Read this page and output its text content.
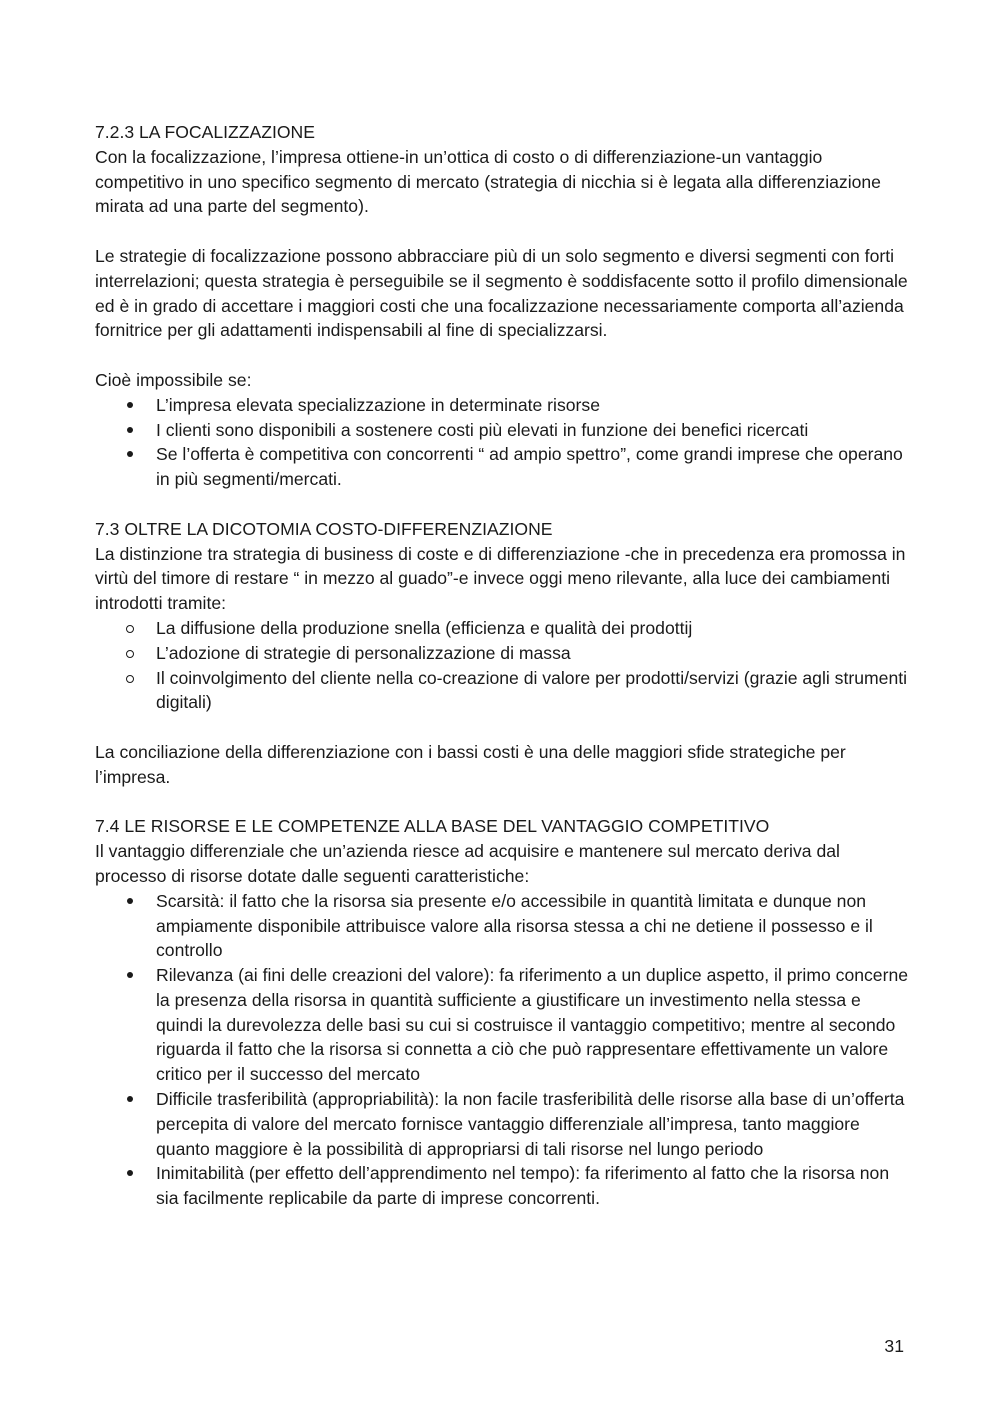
7.2.3 LA FOCALIZZAZIONE

Con la focalizzazione, l’impresa ottiene-in un’ottica di costo o di differenziazione-un vantaggio competitivo in uno specifico segmento di mercato (strategia di nicchia si è legata alla differenziazione mirata ad una parte del segmento).

Le strategie di focalizzazione possono abbracciare più di un solo segmento e diversi segmenti con forti interrelazioni; questa strategia è perseguibile se il segmento è soddisfacente sotto il profilo dimensionale ed è in grado di accettare i maggiori costi che una focalizzazione necessariamente comporta all’azienda fornitrice per gli adattamenti indispensabili al fine di specializzarsi.

Cioè impossibile se:

L’impresa elevata specializzazione in determinate risorse
I clienti sono disponibili a sostenere costi più elevati in funzione dei benefici ricercati
Se l’offerta è competitiva con concorrenti “ ad ampio spettro”, come grandi imprese che operano in più segmenti/mercati.
7.3 OLTRE LA DICOTOMIA COSTO-DIFFERENZIAZIONE

La distinzione tra strategia di business di coste e di differenziazione -che in precedenza era promossa in virtù del timore di restare “ in mezzo al guado”-e invece oggi meno rilevante, alla luce dei cambiamenti introdotti tramite:

La diffusione della produzione snella (efficienza e qualità dei prodottij
L’adozione di strategie di personalizzazione di massa
Il coinvolgimento del cliente nella co-creazione di valore per prodotti/servizi (grazie agli strumenti digitali)

La conciliazione della differenziazione con i bassi costi è una delle maggiori sfide strategiche per l’impresa.

7.4 LE RISORSE E LE COMPETENZE ALLA BASE DEL VANTAGGIO COMPETITIVO

Il vantaggio differenziale che un’azienda riesce ad acquisire e mantenere sul mercato deriva dal processo di risorse dotate dalle seguenti caratteristiche:

Scarsità: il fatto che la risorsa sia presente e/o accessibile in quantità limitata e dunque non ampiamente disponibile attribuisce valore alla risorsa stessa a chi ne detiene il possesso e il controllo
Rilevanza (ai fini delle creazioni del valore): fa riferimento a un duplice aspetto, il primo concerne la presenza della risorsa in quantità sufficiente a giustificare un investimento nella stessa e quindi la durevolezza delle basi su cui si costruisce il vantaggio competitivo; mentre al secondo riguarda il fatto che la risorsa si connetta a ciò che può rappresentare effettivamente un valore critico per il successo del mercato
Difficile trasferibilità (appropriabilità): la non facile trasferibilità delle risorse alla base di un’offerta percepita di valore del mercato fornisce vantaggio differenziale all’impresa, tanto maggiore quanto maggiore è la possibilità di appropriarsi di tali risorse nel lungo periodo
Inimitabilità (per effetto dell’apprendimento nel tempo): fa riferimento al fatto che la risorsa non sia facilmente replicabile da parte di imprese concorrenti.
31
